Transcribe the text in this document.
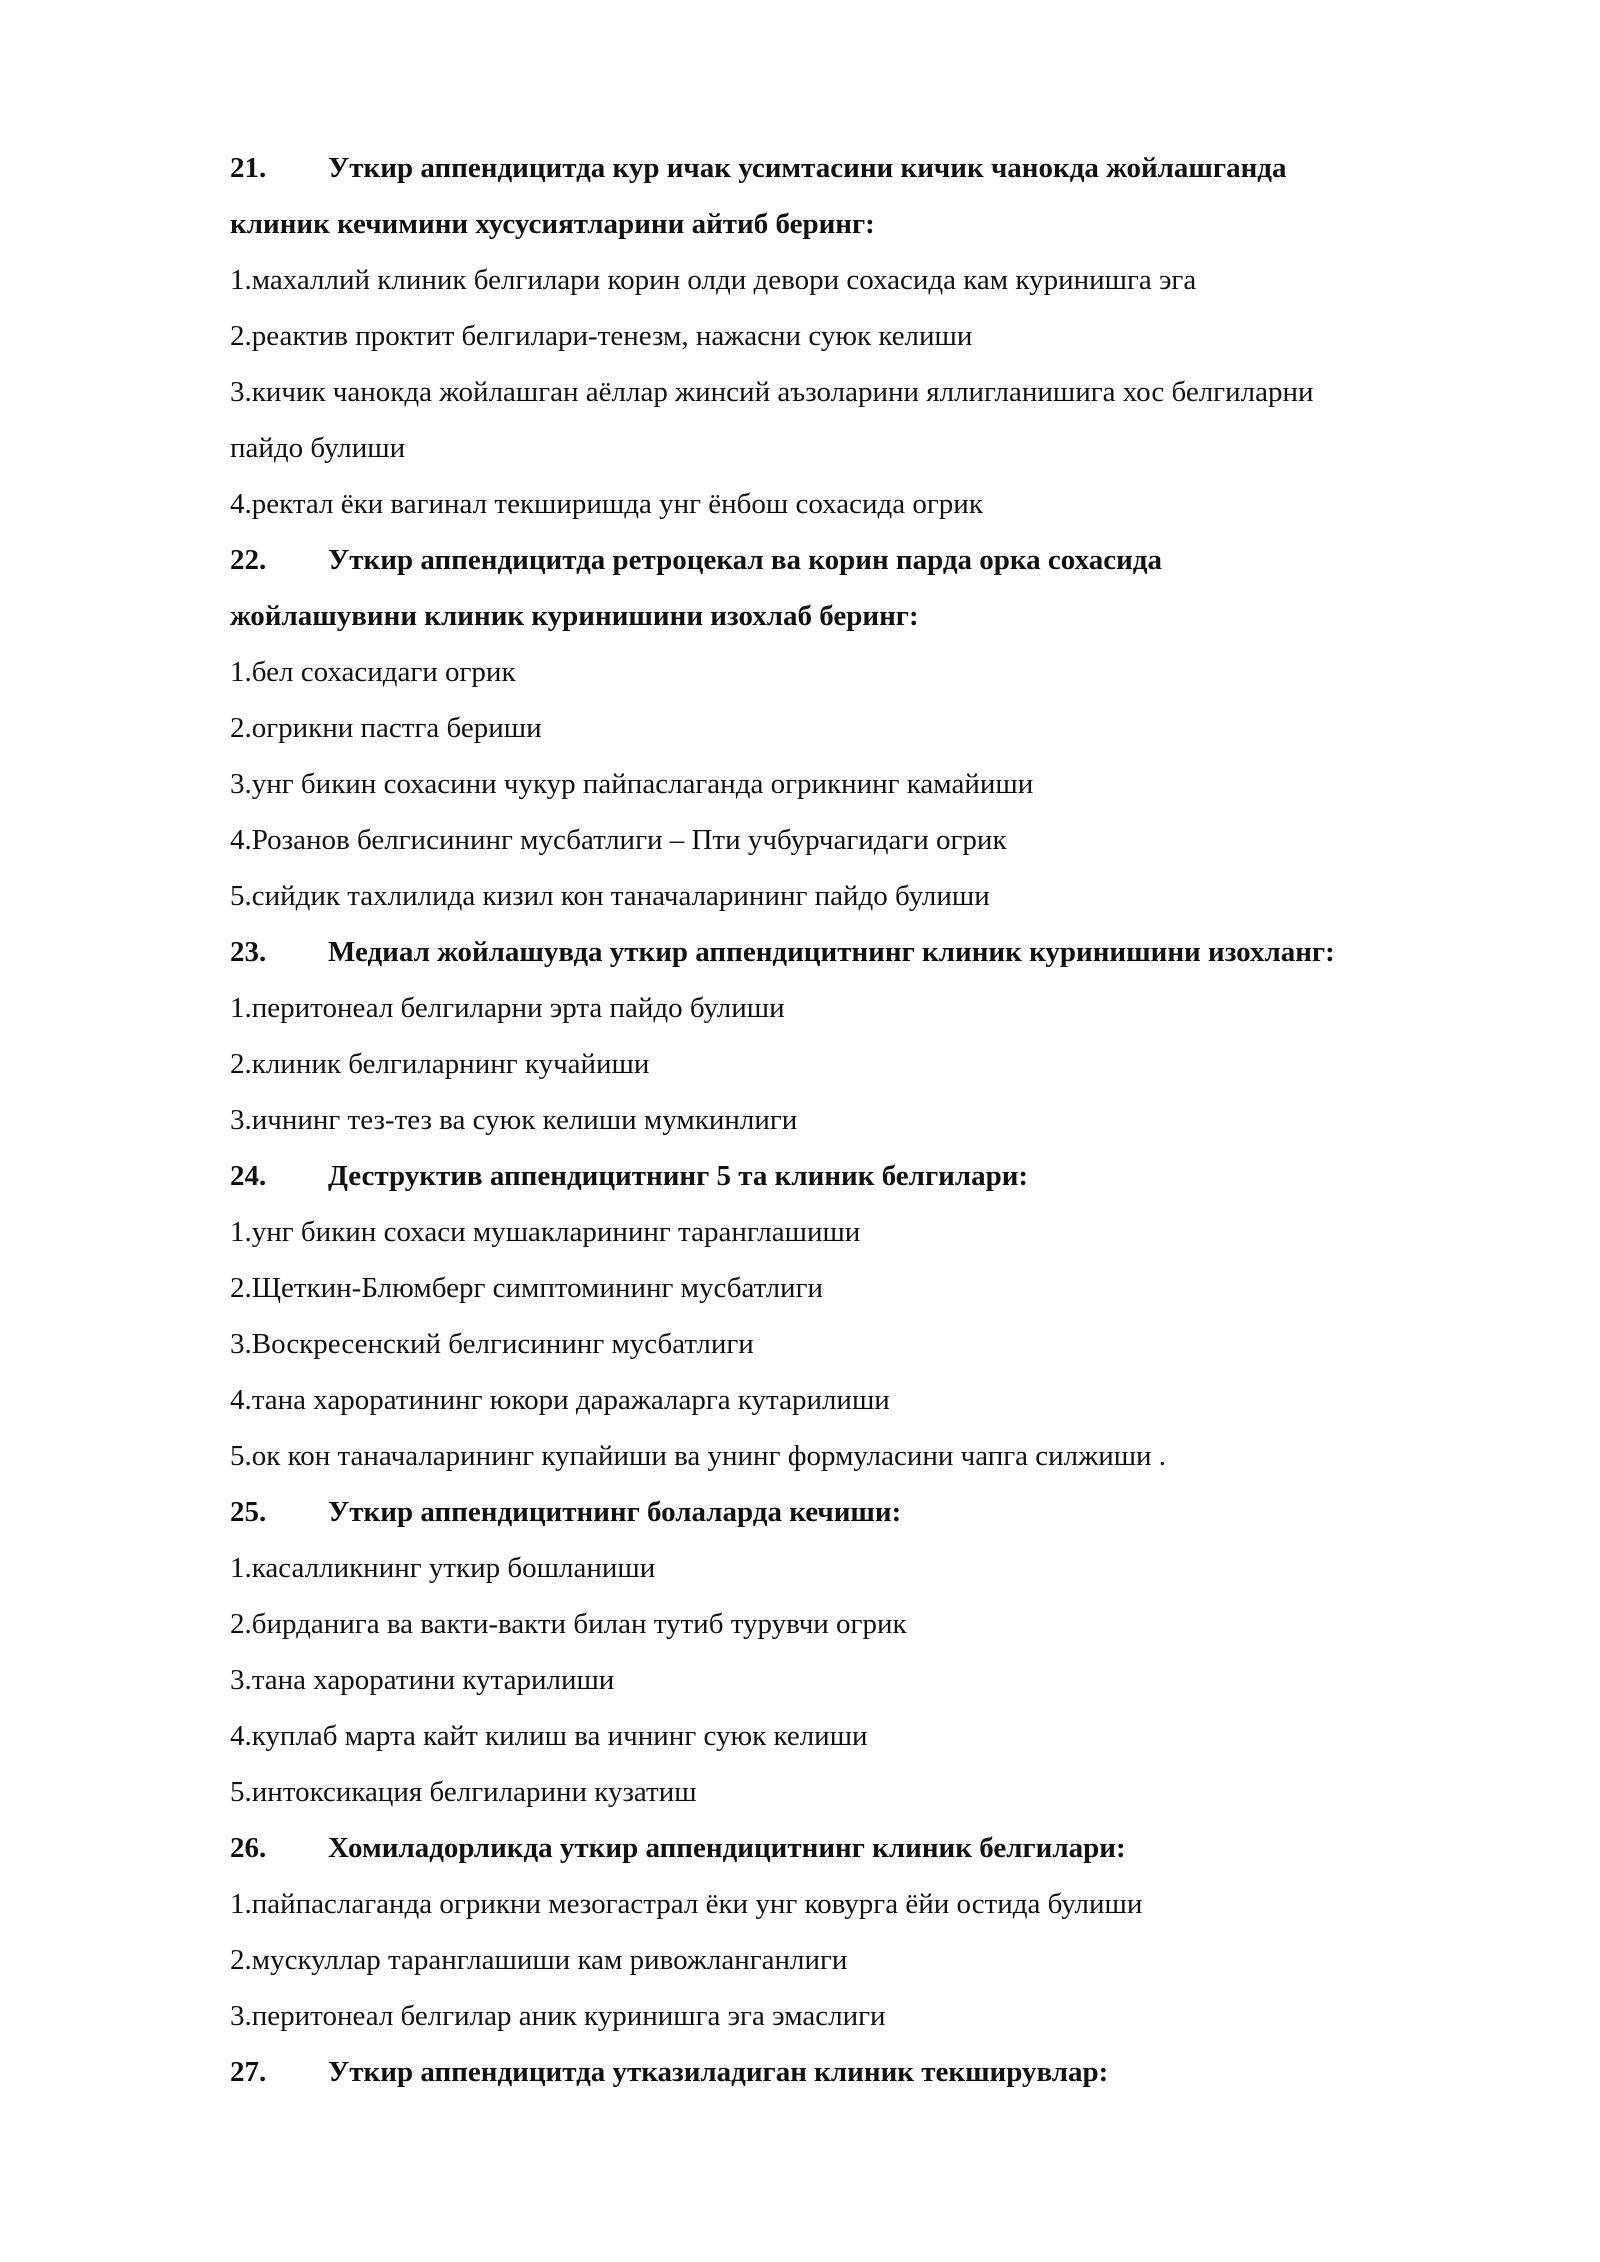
21. Уткир аппендицитда кур ичак усимтасини кичик чанокда жойлашганда
клиник кечимини хусусиятларини айтиб беринг:
1.махаллий клиник белгилари корин олди девори сохасида кам куринишга эга
2.реактив проктит белгилари-тенезм, нажасни суюк келиши
3.кичик чанокда жойлашган аёллар жинсий аъзоларини яллигланишига хос белгиларни
пайдо булиши
4.ректал ёки вагинал текширишда унг ёнбош сохасида огрик
22. Уткир аппендицитда ретроцекал ва корин парда орка сохасида
жойлашувини клиник куринишини изохлаб беринг:
1.бел сохасидаги огрик
2.огрикни пастга бериши
3.унг бикин сохасини чукур пайпаслаганда огрикнинг камайиши
4.Розанов белгисининг мусбатлиги – Пти учбурчагидаги огрик
5.сийдик тахлилида кизил кон таначаларининг пайдо булиши
23. Медиал жойлашувда уткир аппендицитнинг клиник куринишини изохланг:
1.перитонеал белгиларни эрта пайдо булиши
2.клиник белгиларнинг кучайиши
3.ичнинг тез-тез ва суюк келиши мумкинлиги
24. Деструктив аппендицитнинг 5 та клиник белгилари:
1.унг бикин сохаси мушакларининг таранглашиши
2.Щеткин-Блюмберг симптомининг мусбатлиги
3.Воскресенский белгисининг мусбатлиги
4.тана хароратининг юкори даражаларга кутарилиши
5.ок кон таначаларининг купайиши ва унинг формуласини чапга силжиши .
25. Уткир аппендицитнинг болаларда кечиши:
1.касалликнинг уткир бошланиши
2.бирданига ва вакти-вакти билан тутиб турувчи огрик
3.тана хароратини кутарилиши
4.куплаб марта кайт килиш ва ичнинг суюк келиши
5.интоксикация белгиларини кузатиш
26. Хомиладорликда уткир аппендицитнинг клиник белгилари:
1.пайпаслаганда огрикни мезогастрал ёки унг ковурга ёйи остида булиши
2.мускуллар таранглашиши кам ривожланганлиги
3.перитонеал белгилар аник куринишга эга эмаслиги
27. Уткир аппендицитда утказиладиган клиник текширувлар:
